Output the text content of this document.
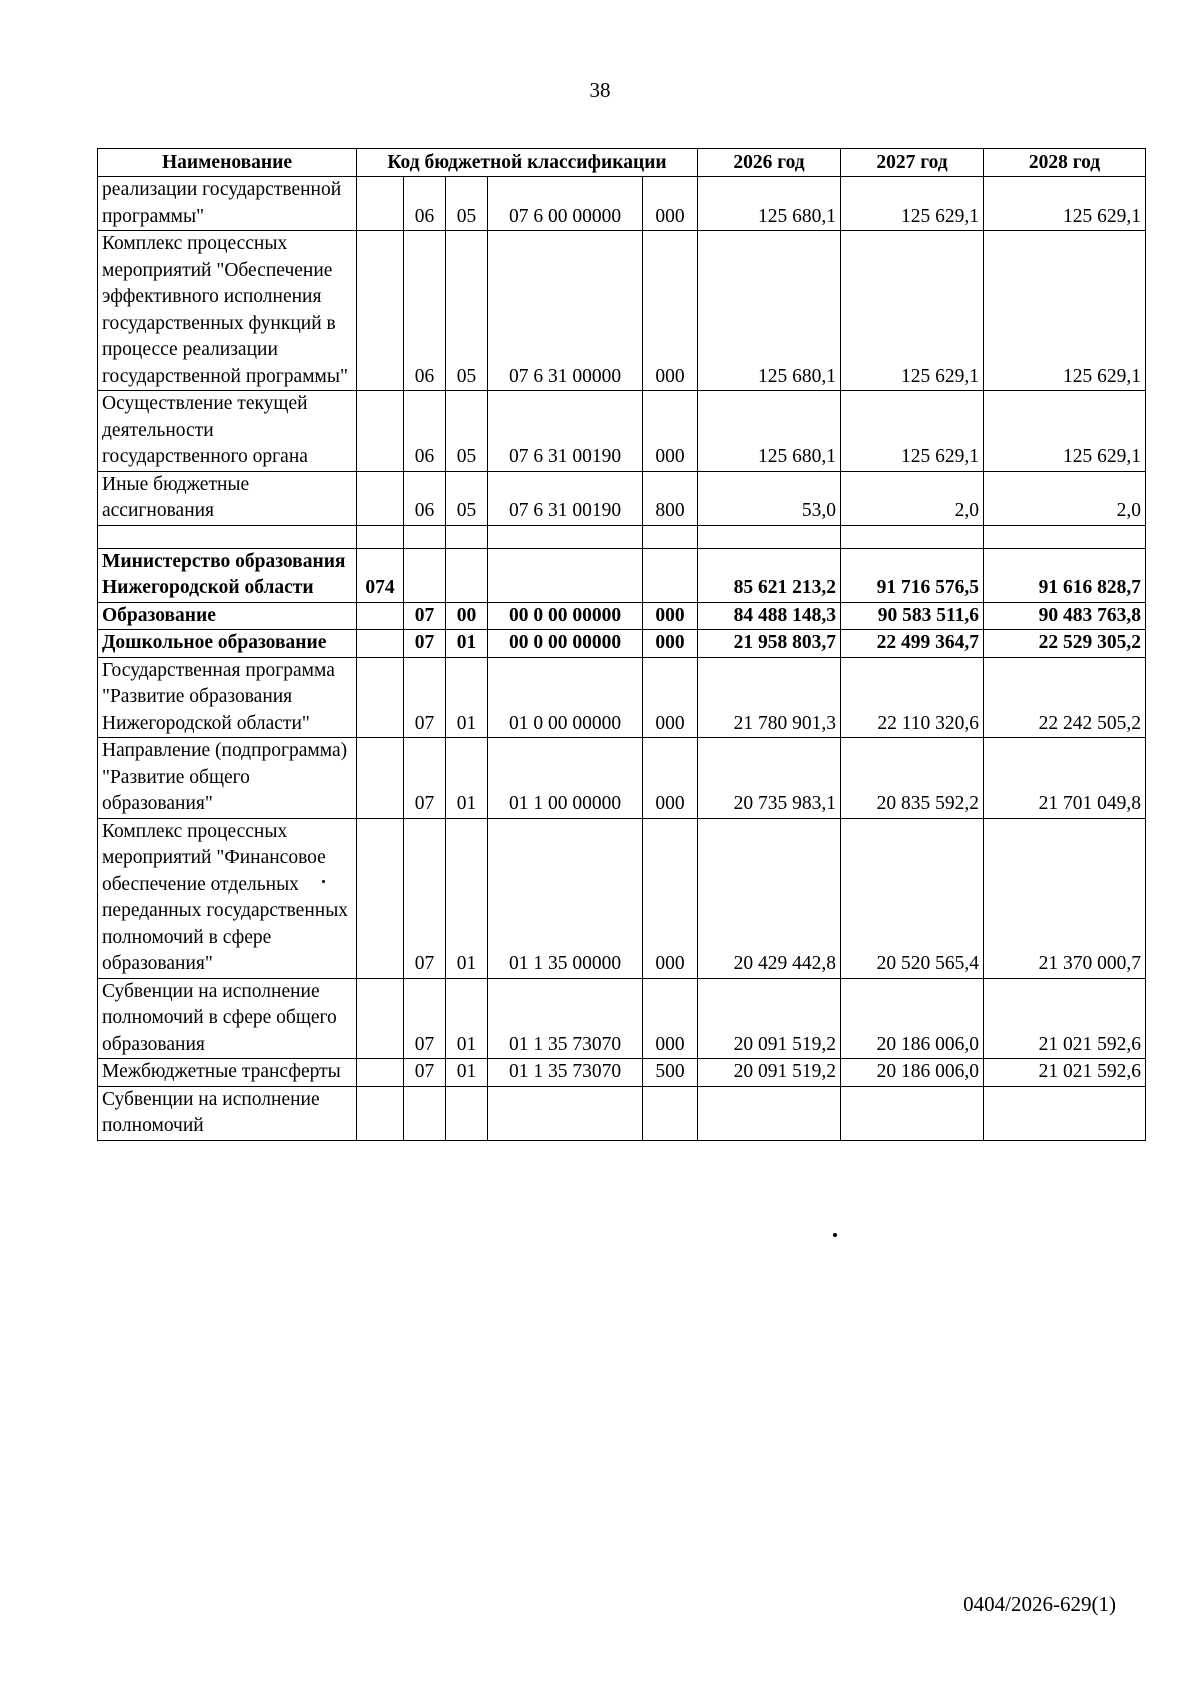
38
Наименование	Код бюджетной классификации					2026 год	2027 год	2028 год
реализации государственной программы"		06	05	07 6 00 00000	000	125 680,1	125 629,1	125 629,1
Комплекс процессных мероприятий "Обеспечение эффективного исполнения государственных функций в процессе реализации государственной программы"		06	05	07 6 31 00000	000	125 680,1	125 629,1	125 629,1
Осуществление текущей деятельности государственного органа		06	05	07 6 31 00190	000	125 680,1	125 629,1	125 629,1
Иные бюджетные ассигнования		06	05	07 6 31 00190	800	53,0	2,0	2,0

Министерство образования Нижегородской области	074					85 621 213,2	91 716 576,5	91 616 828,7
Образование		07	00	00 0 00 00000	000	84 488 148,3	90 583 511,6	90 483 763,8
Дошкольное образование		07	01	00 0 00 00000	000	21 958 803,7	22 499 364,7	22 529 305,2
Государственная программа "Развитие образования Нижегородской области"		07	01	01 0 00 00000	000	21 780 901,3	22 110 320,6	22 242 505,2
Направление (подпрограмма) "Развитие общего образования"		07	01	01 1 00 00000	000	20 735 983,1	20 835 592,2	21 701 049,8
Комплекс процессных мероприятий "Финансовое обеспечение отдельных переданных государственных полномочий в сфере образования"		07	01	01 1 35 00000	000	20 429 442,8	20 520 565,4	21 370 000,7
Субвенции на исполнение полномочий в сфере общего образования		07	01	01 1 35 73070	000	20 091 519,2	20 186 006,0	21 021 592,6
Межбюджетные трансферты		07	01	01 1 35 73070	500	20 091 519,2	20 186 006,0	21 021 592,6
Субвенции на исполнение полномочий								
0404/2026-629(1)
